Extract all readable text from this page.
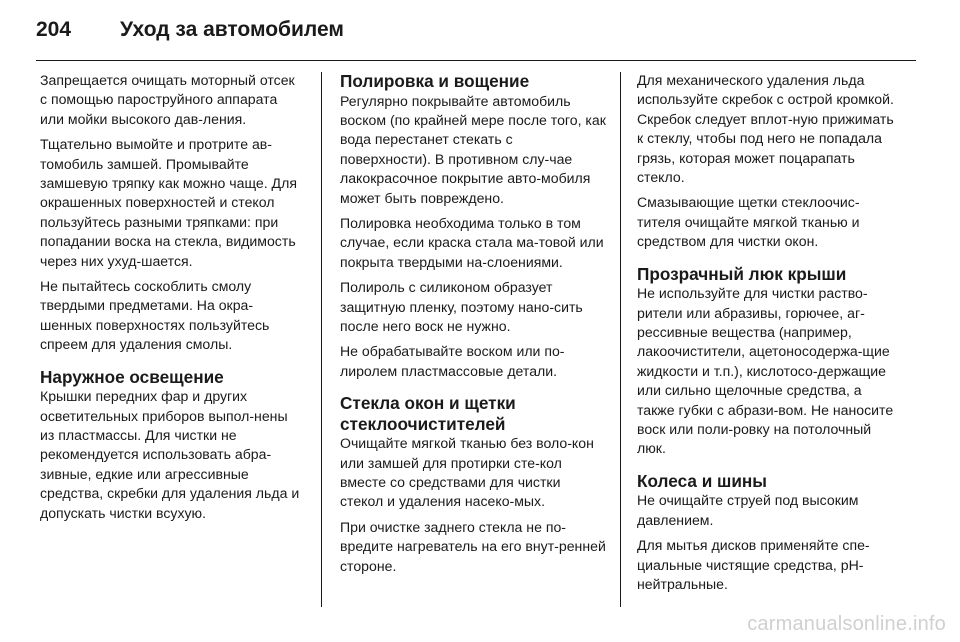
204	Уход за автомобилем

Запрещается очищать моторный отсек с помощью пароструйного аппарата или мойки высокого дав-ления.

Тщательно вымойте и протрите ав-томобиль замшей. Промывайте замшевую тряпку как можно чаще. Для окрашенных поверхностей и стекол пользуйтесь разными тряпками: при попадании воска на стекла, видимость через них ухуд-шается.

Не пытайтесь соскоблить смолу твердыми предметами. На окра-шенных поверхностях пользуйтесь спреем для удаления смолы.

Наружное освещение

Крышки передних фар и других осветительных приборов выпол-нены из пластмассы. Для чистки не рекомендуется использовать абра-зивные, едкие или агрессивные средства, скребки для удаления льда и допускать чистки всухую.

Полировка и вощение

Регулярно покрывайте автомобиль воском (по крайней мере после того, как вода перестанет стекать с поверхности). В противном слу-чае лакокрасочное покрытие авто-мобиля может быть повреждено.

Полировка необходима только в том случае, если краска стала ма-товой или покрыта твердыми на-слоениями.

Полироль с силиконом образует защитную пленку, поэтому нано-сить после него воск не нужно.

Не обрабатывайте воском или по-лиролем пластмассовые детали.

Стекла окон и щетки стеклоочистителей

Очищайте мягкой тканью без воло-кон или замшей для протирки сте-кол вместе со средствами для чистки стекол и удаления насеко-мых.

При очистке заднего стекла не по-вредите нагреватель на его внут-ренней стороне.

Для механического удаления льда используйте скребок с острой кромкой. Скребок следует вплот-ную прижимать к стеклу, чтобы под него не попадала грязь, которая может поцарапать стекло.

Смазывающие щетки стеклоочис-тителя очищайте мягкой тканью и средством для чистки окон.

Прозрачный люк крыши

Не используйте для чистки раство-рители или абразивы, горючее, аг-рессивные вещества (например, лакоочистители, ацетоносодержа-щие жидкости и т.п.), кислотосо-держащие или сильно щелочные средства, а также губки с абрази-вом. Не наносите воск или поли-ровку на потолочный люк.

Колеса и шины

Не очищайте струей под высоким давлением.

Для мытья дисков применяйте спе-циальные чистящие средства, pH-нейтральные.

carmanualsonline.info
